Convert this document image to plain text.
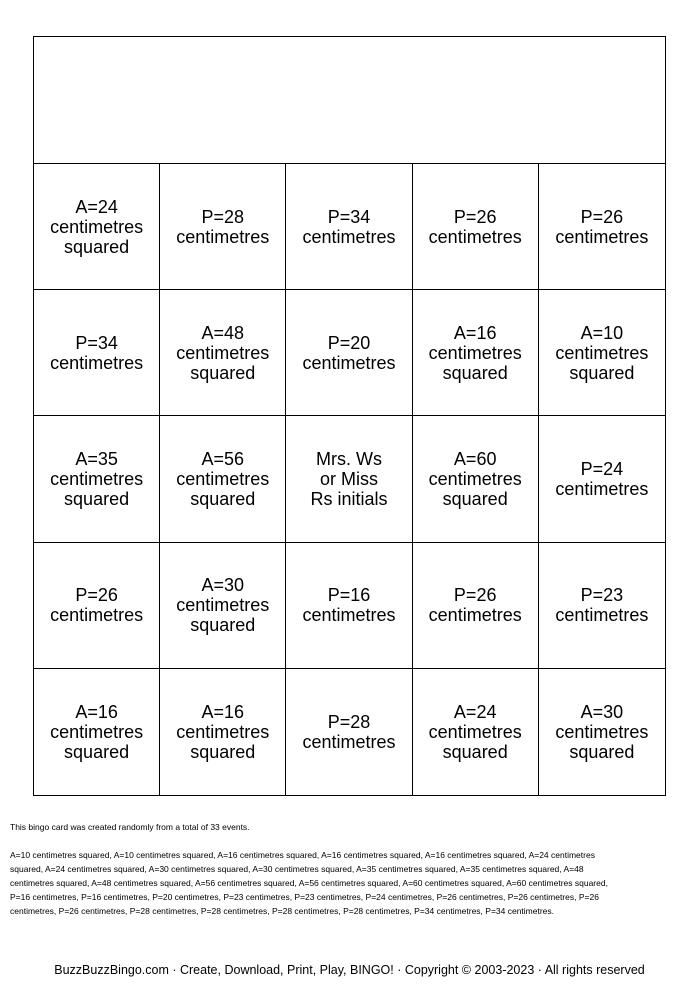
A=24
centimetres
squared
P=28
centimetres
P=34
centimetres
P=26
centimetres
P=26
centimetres
P=34
centimetres
A=48
centimetres
squared
P=20
centimetres
A=16
centimetres
squared
A=10
centimetres
squared
A=35
centimetres
squared
A=56
centimetres
squared
Mrs. Ws
or Miss
Rs initials
A=60
centimetres
squared
P=24
centimetres
P=26
centimetres
A=30
centimetres
squared
P=16
centimetres
P=26
centimetres
P=23
centimetres
A=16
centimetres
squared
A=16
centimetres
squared
P=28
centimetres
A=24
centimetres
squared
A=30
centimetres
squared

This bingo card was created randomly from a total of 33 events.

A=10 centimetres squared, A=10 centimetres squared, A=16 centimetres squared, A=16 centimetres squared, A=16 centimetres squared, A=24 centimetres
squared, A=24 centimetres squared, A=30 centimetres squared, A=30 centimetres squared, A=35 centimetres squared, A=35 centimetres squared, A=48
centimetres squared, A=48 centimetres squared, A=56 centimetres squared, A=56 centimetres squared, A=60 centimetres squared, A=60 centimetres squared,
P=16 centimetres, P=16 centimetres, P=20 centimetres, P=23 centimetres, P=23 centimetres, P=24 centimetres, P=26 centimetres, P=26 centimetres, P=26
centimetres, P=26 centimetres, P=28 centimetres, P=28 centimetres, P=28 centimetres, P=28 centimetres, P=34 centimetres, P=34 centimetres.

BuzzBuzzBingo.com · Create, Download, Print, Play, BINGO! · Copyright © 2003-2023 · All rights reserved
